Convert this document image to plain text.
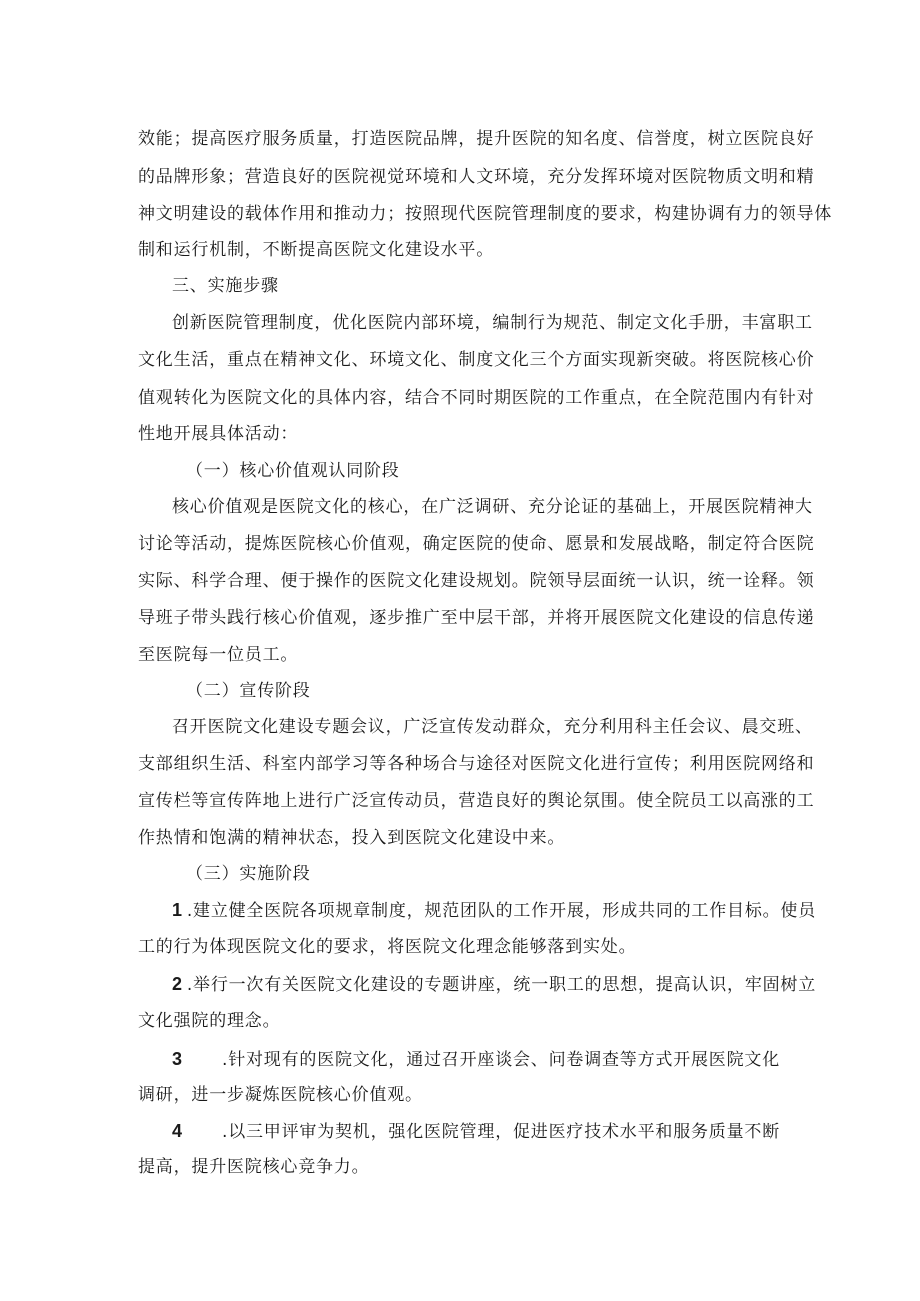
效能；提高医疗服务质量，打造医院品牌，提升医院的知名度、信誉度，树立医院良好
的品牌形象；营造良好的医院视觉环境和人文环境，充分发挥环境对医院物质文明和精
神文明建设的载体作用和推动力；按照现代医院管理制度的要求，构建协调有力的领导体
制和运行机制，不断提高医院文化建设水平。
三、实施步骤
创新医院管理制度，优化医院内部环境，编制行为规范、制定文化手册，丰富职工
文化生活，重点在精神文化、环境文化、制度文化三个方面实现新突破。将医院核心价
值观转化为医院文化的具体内容，结合不同时期医院的工作重点，在全院范围内有针对
性地开展具体活动：
（一）核心价值观认同阶段
核心价值观是医院文化的核心，在广泛调研、充分论证的基础上，开展医院精神大
讨论等活动，提炼医院核心价值观，确定医院的使命、愿景和发展战略，制定符合医院
实际、科学合理、便于操作的医院文化建设规划。院领导层面统一认识，统一诠释。领
导班子带头践行核心价值观，逐步推广至中层干部，并将开展医院文化建设的信息传递
至医院每一位员工。
（二）宣传阶段
召开医院文化建设专题会议，广泛宣传发动群众，充分利用科主任会议、晨交班、
支部组织生活、科室内部学习等各种场合与途径对医院文化进行宣传；利用医院网络和
宣传栏等宣传阵地上进行广泛宣传动员，营造良好的舆论氛围。使全院员工以高涨的工
作热情和饱满的精神状态，投入到医院文化建设中来。
（三）实施阶段
1 .建立健全医院各项规章制度，规范团队的工作开展，形成共同的工作目标。使员
工的行为体现医院文化的要求，将医院文化理念能够落到实处。
2 .举行一次有关医院文化建设的专题讲座，统一职工的思想，提高认识，牢固树立
文化强院的理念。
3 .针对现有的医院文化，通过召开座谈会、问卷调查等方式开展医院文化
调研，进一步凝炼医院核心价值观。
4 .以三甲评审为契机，强化医院管理，促进医疗技术水平和服务质量不断
提高，提升医院核心竞争力。
